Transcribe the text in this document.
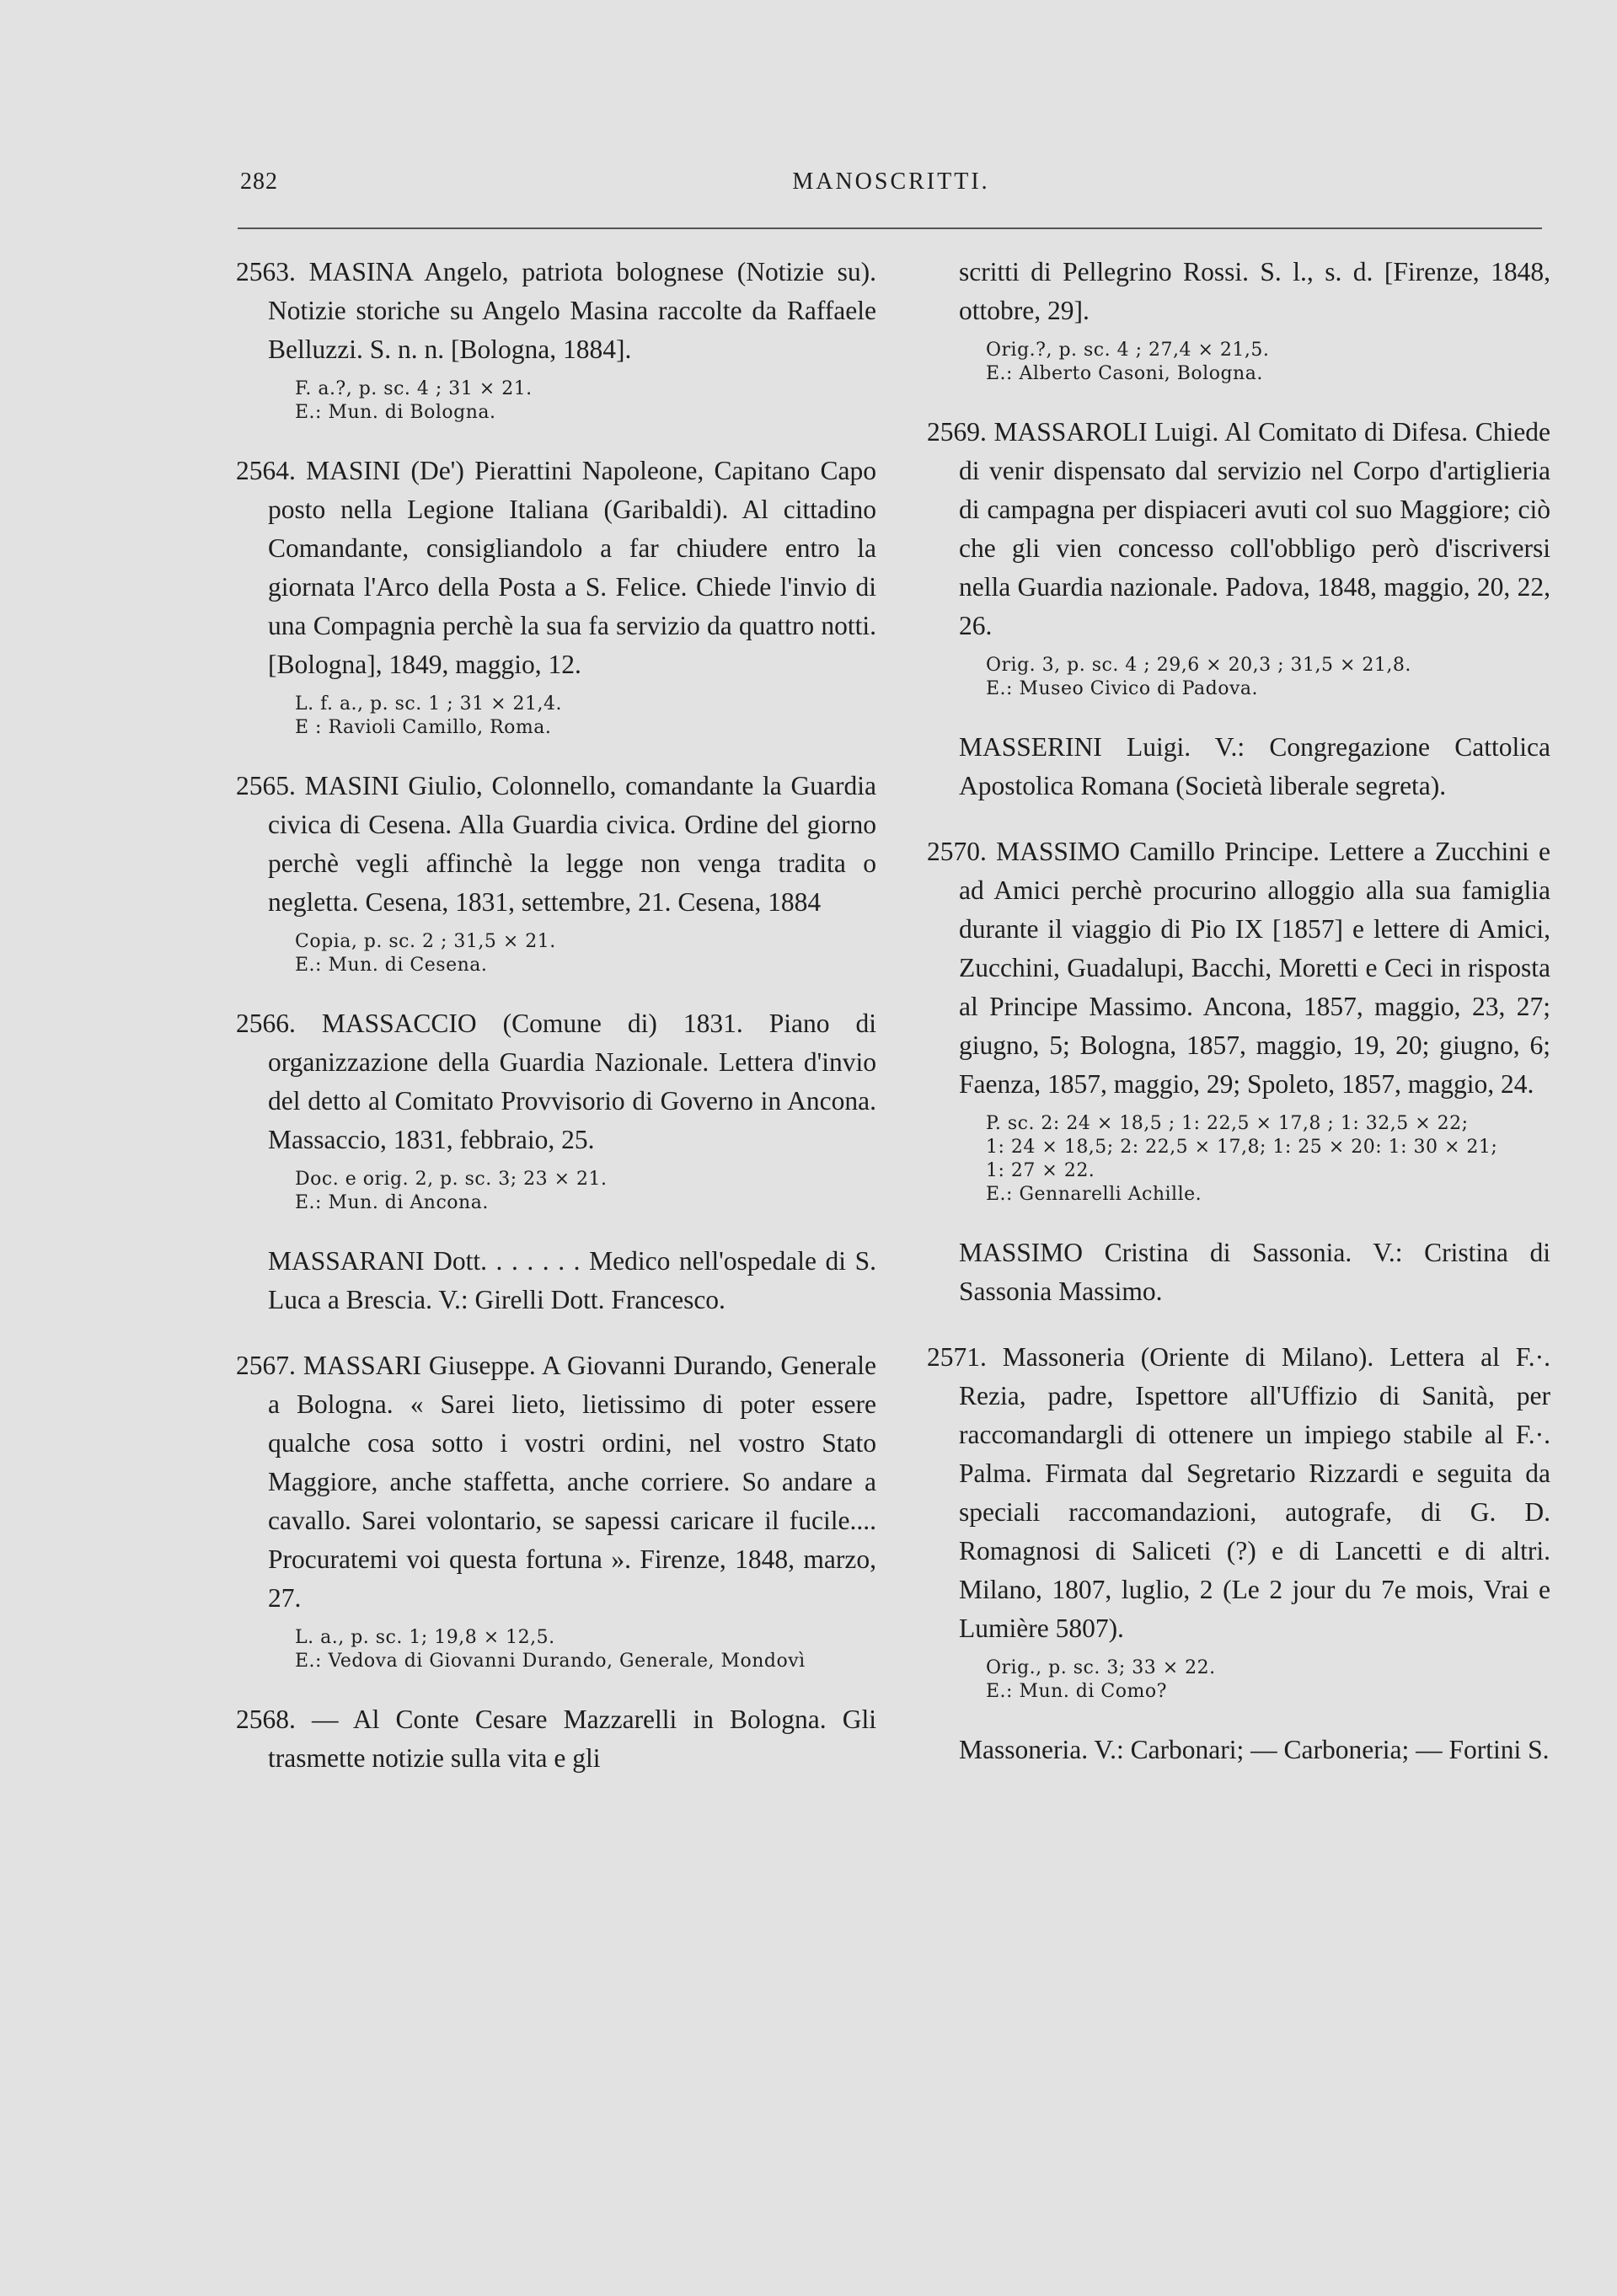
282	MANOSCRITTI.

2563. MASINA Angelo, patriota bolognese (Notizie su). Notizie storiche su Angelo Masina raccolte da Raffaele Belluzzi. S. n. n. [Bologna, 1884].

F. a.?, p. sc. 4 ; 31 × 21.
E.: Mun. di Bologna.

2564. MASINI (De') Pierattini Napoleone, Capitano Capo posto nella Legione Italiana (Garibaldi). Al cittadino Comandante, consigliandolo a far chiudere entro la giornata l'Arco della Posta a S. Felice. Chiede l'invio di una Compagnia perchè la sua fa servizio da quattro notti. [Bologna], 1849, maggio, 12.

L. f. a., p. sc. 1 ; 31 × 21,4.
E : Ravioli Camillo, Roma.

2565. MASINI Giulio, Colonnello, comandante la Guardia civica di Cesena. Alla Guardia civica. Ordine del giorno perchè vegli affinchè la legge non venga tradita o negletta. Cesena, 1831, settembre, 21. Cesena, 1884

Copia, p. sc. 2 ; 31,5 × 21.
E.: Mun. di Cesena.

2566. MASSACCIO (Comune di) 1831. Piano di organizzazione della Guardia Nazionale. Lettera d'invio del detto al Comitato Provvisorio di Governo in Ancona. Massaccio, 1831, febbraio, 25.

Doc. e orig. 2, p. sc. 3; 23 × 21.
E.: Mun. di Ancona.

MASSARANI Dott. . . . . . . Medico nell'ospedale di S. Luca a Brescia. V.: Girelli Dott. Francesco.

2567. MASSARI Giuseppe. A Giovanni Durando, Generale a Bologna. « Sarei lieto, lietissimo di poter essere qualche cosa sotto i vostri ordini, nel vostro Stato Maggiore, anche staffetta, anche corriere. So andare a cavallo. Sarei volontario, se sapessi caricare il fucile.... Procuratemi voi questa fortuna ». Firenze, 1848, marzo, 27.

L. a., p. sc. 1; 19,8 × 12,5.
E.: Vedova di Giovanni Durando, Generale, Mondovì

2568. — Al Conte Cesare Mazzarelli in Bologna. Gli trasmette notizie sulla vita e gli

scritti di Pellegrino Rossi. S. l., s. d. [Firenze, 1848, ottobre, 29].

Orig.?, p. sc. 4 ; 27,4 × 21,5.
E.: Alberto Casoni, Bologna.

2569. MASSAROLI Luigi. Al Comitato di Difesa. Chiede di venir dispensato dal servizio nel Corpo d'artiglieria di campagna per dispiaceri avuti col suo Maggiore; ciò che gli vien concesso coll'obbligo però d'iscriversi nella Guardia nazionale. Padova, 1848, maggio, 20, 22, 26.

Orig. 3, p. sc. 4 ; 29,6 × 20,3 ; 31,5 × 21,8.
E.: Museo Civico di Padova.

MASSERINI Luigi. V.: Congregazione Cattolica Apostolica Romana (Società liberale segreta).

2570. MASSIMO Camillo Principe. Lettere a Zucchini e ad Amici perchè procurino alloggio alla sua famiglia durante il viaggio di Pio IX [1857] e lettere di Amici, Zucchini, Guadalupi, Bacchi, Moretti e Ceci in risposta al Principe Massimo. Ancona, 1857, maggio, 23, 27; giugno, 5; Bologna, 1857, maggio, 19, 20; giugno, 6; Faenza, 1857, maggio, 29; Spoleto, 1857, maggio, 24.

P. sc. 2: 24 × 18,5 ; 1: 22,5 × 17,8 ; 1: 32,5 × 22;
1: 24 × 18,5; 2: 22,5 × 17,8; 1: 25 × 20: 1: 30 × 21;
1: 27 × 22.
E.: Gennarelli Achille.

MASSIMO Cristina di Sassonia. V.: Cristina di Sassonia Massimo.

2571. Massoneria (Oriente di Milano). Lettera al F.·. Rezia, padre, Ispettore all'Uffizio di Sanità, per raccomandargli di ottenere un impiego stabile al F.·. Palma. Firmata dal Segretario Rizzardi e seguita da speciali raccomandazioni, autografe, di G. D. Romagnosi di Saliceti (?) e di Lancetti e di altri. Milano, 1807, luglio, 2 (Le 2 jour du 7e mois, Vrai e Lumière 5807).

Orig., p. sc. 3; 33 × 22.
E.: Mun. di Como?

Massoneria. V.: Carbonari; — Carboneria; — Fortini S.
